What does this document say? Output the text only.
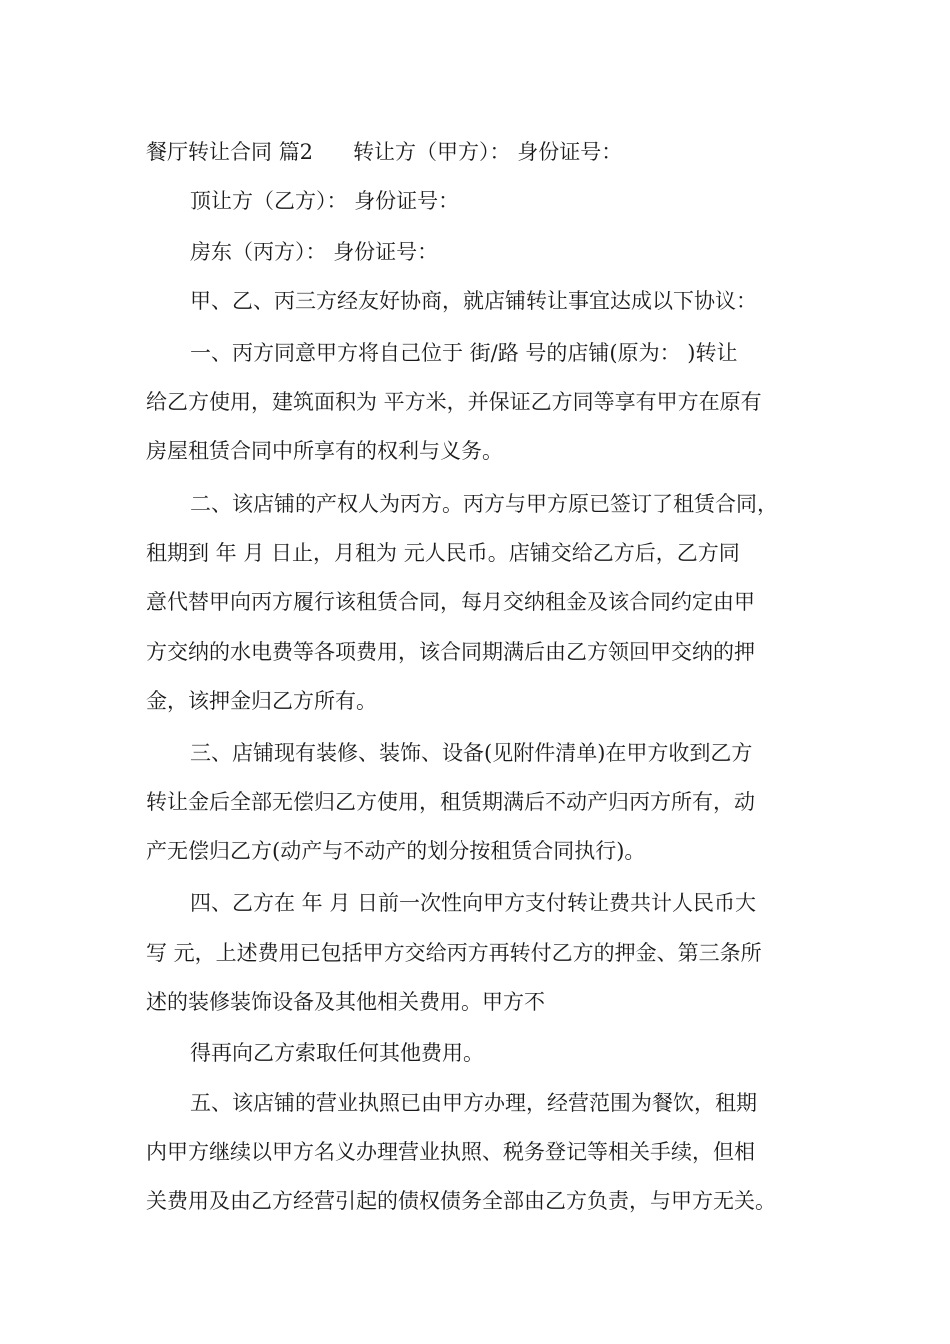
餐厅转让合同 篇2 转让方（甲方）： 身份证号：
顶让方（乙方）： 身份证号：
房东（丙方）： 身份证号：
甲、乙、丙三方经友好协商，就店铺转让事宜达成以下协议：
一、丙方同意甲方将自己位于 街/路 号的店铺(原为： )转让
给乙方使用，建筑面积为 平方米，并保证乙方同等享有甲方在原有
房屋租赁合同中所享有的权利与义务。
二、该店铺的产权人为丙方。丙方与甲方原已签订了租赁合同，
租期到 年 月 日止，月租为 元人民币。店铺交给乙方后，乙方同
意代替甲向丙方履行该租赁合同，每月交纳租金及该合同约定由甲
方交纳的水电费等各项费用，该合同期满后由乙方领回甲交纳的押
金，该押金归乙方所有。
三、店铺现有装修、装饰、设备(见附件清单)在甲方收到乙方
转让金后全部无偿归乙方使用，租赁期满后不动产归丙方所有，动
产无偿归乙方(动产与不动产的划分按租赁合同执行)。
四、乙方在 年 月 日前一次性向甲方支付转让费共计人民币大
写 元，上述费用已包括甲方交给丙方再转付乙方的押金、第三条所
述的装修装饰设备及其他相关费用。甲方不
得再向乙方索取任何其他费用。
五、该店铺的营业执照已由甲方办理，经营范围为餐饮，租期
内甲方继续以甲方名义办理营业执照、税务登记等相关手续，但相
关费用及由乙方经营引起的债权债务全部由乙方负责，与甲方无关。
